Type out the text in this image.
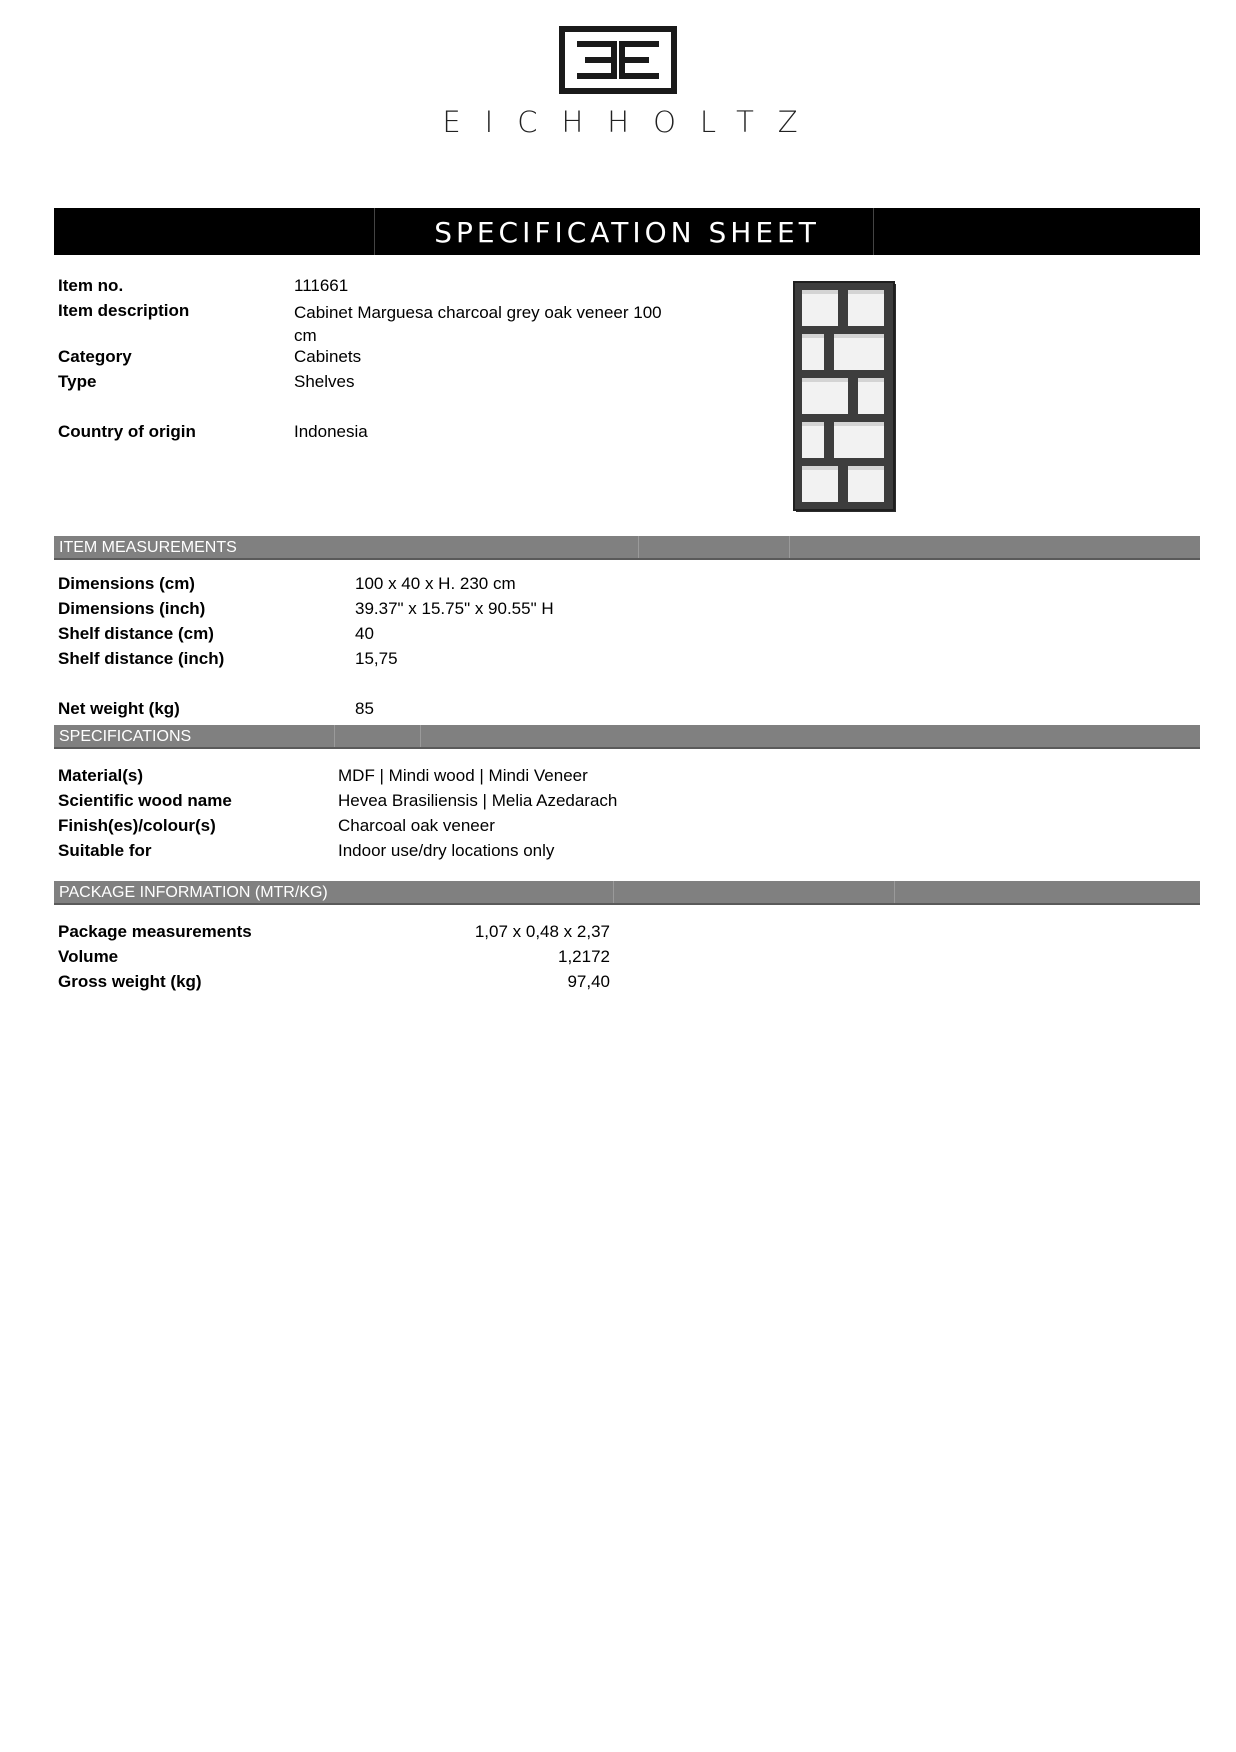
EICHHOLTZ
SPECIFICATION SHEET
Item no.	111661
Item description	Cabinet Marguesa charcoal grey oak veneer 100 cm
Category	Cabinets
Type	Shelves
Country of origin	Indonesia
ITEM MEASUREMENTS
Dimensions (cm)	100 x 40 x H. 230 cm
Dimensions (inch)	39.37" x 15.75" x 90.55" H
Shelf distance (cm)	40
Shelf distance (inch)	15,75
Net weight (kg)	85
SPECIFICATIONS
Material(s)	MDF | Mindi wood | Mindi Veneer
Scientific wood name	Hevea Brasiliensis | Melia Azedarach
Finish(es)/colour(s)	Charcoal oak veneer
Suitable for	Indoor use/dry locations only
PACKAGE INFORMATION (MTR/KG)
Package measurements	1,07 x 0,48 x 2,37
Volume	1,2172
Gross weight (kg)	97,40
